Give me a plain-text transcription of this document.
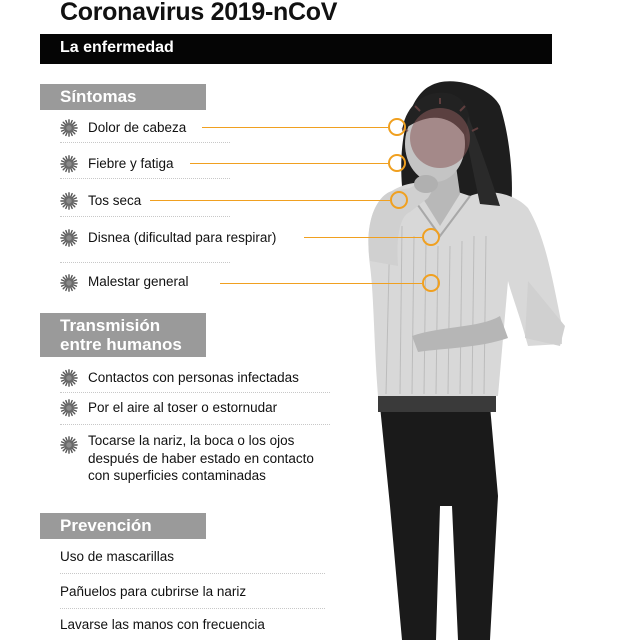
Coronavirus 2019-nCoV
La enfermedad
Síntomas
Dolor de cabeza
Fiebre y fatiga
Tos seca
Disnea (dificultad para respirar)
Malestar general
Transmisión
entre humanos
Contactos con personas infectadas
Por el aire al toser o estornudar
Tocarse la nariz, la boca o los ojos
después de haber estado en contacto
con superficies contaminadas
Prevención
Uso de mascarillas
Pañuelos para cubrirse la nariz
Lavarse las manos con frecuencia
